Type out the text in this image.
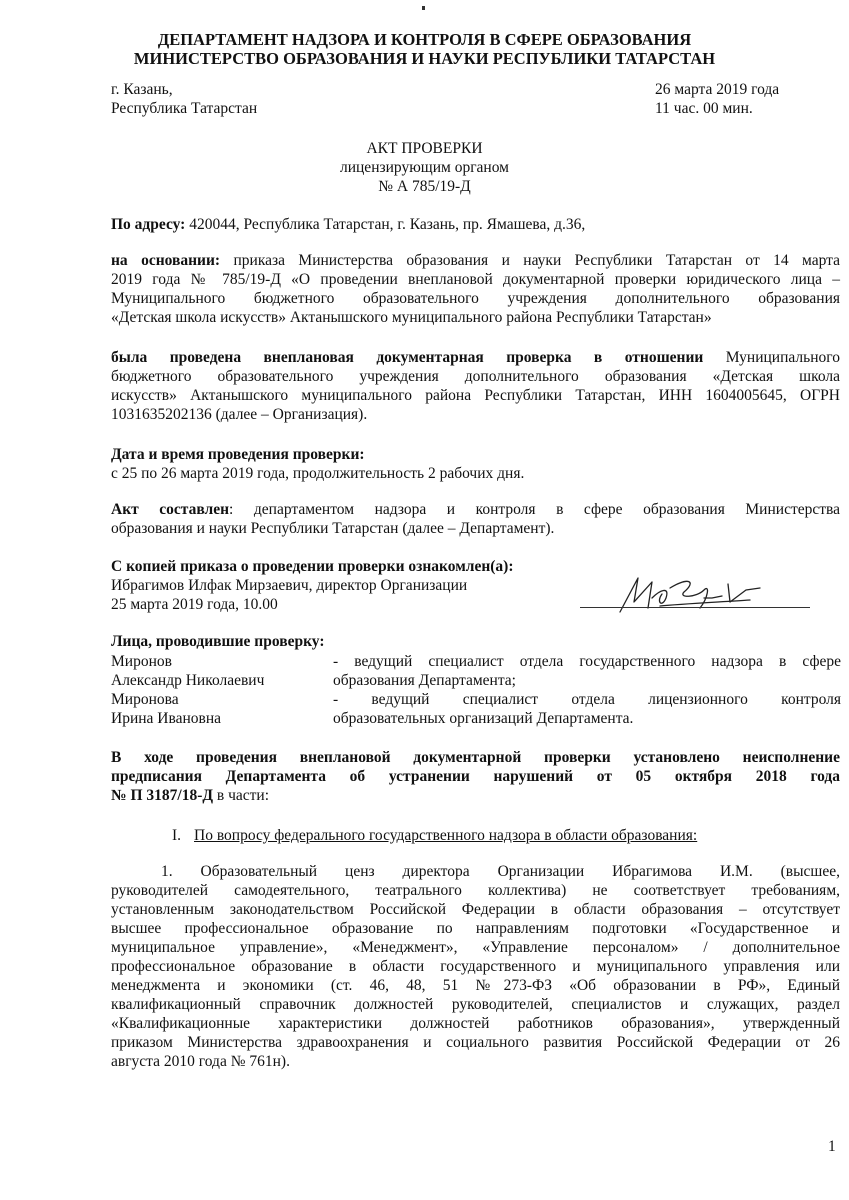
ДЕПАРТАМЕНТ НАДЗОРА И КОНТРОЛЯ В СФЕРЕ ОБРАЗОВАНИЯ
МИНИСТЕРСТВО ОБРАЗОВАНИЯ И НАУКИ РЕСПУБЛИКИ ТАТАРСТАН
г. Казань,
Республика Татарстан
26 марта 2019 года
11 час. 00 мин.
АКТ ПРОВЕРКИ
лицензирующим органом
№ А 785/19-Д
По адресу: 420044, Республика Татарстан, г. Казань, пр. Ямашева, д.36,
на основании: приказа Министерства образования и науки Республики Татарстан от 14 марта
2019 года № 785/19-Д «О проведении внеплановой документарной проверки юридического лица –
Муниципального бюджетного образовательного учреждения дополнительного образования
«Детская школа искусств» Актанышского муниципального района Республики Татарстан»
была проведена внеплановая документарная проверка в отношении Муниципального
бюджетного образовательного учреждения дополнительного образования «Детская школа
искусств» Актанышского муниципального района Республики Татарстан, ИНН 1604005645, ОГРН
1031635202136 (далее – Организация).
Дата и время проведения проверки:
с 25 по 26 марта 2019 года, продолжительность 2 рабочих дня.
Акт составлен: департаментом надзора и контроля в сфере образования Министерства
образования и науки Республики Татарстан (далее – Департамент).
С копией приказа о проведении проверки ознакомлен(а):
Ибрагимов Илфак Мирзаевич, директор Организации
25 марта 2019 года, 10.00
Лица, проводившие проверку:
Миронов
Александр Николаевич
- ведущий специалист отдела государственного надзора в сфере
образования Департамента;
Миронова
Ирина Ивановна
- ведущий специалист отдела лицензионного контроля
образовательных организаций Департамента.
В ходе проведения внеплановой документарной проверки установлено неисполнение
предписания Департамента об устранении нарушений от 05 октября 2018 года
№ П 3187/18-Д в части:
I. По вопросу федерального государственного надзора в области образования:
1. Образовательный ценз директора Организации Ибрагимова И.М. (высшее,
руководителей самодеятельного, театрального коллектива) не соответствует требованиям,
установленным законодательством Российской Федерации в области образования – отсутствует
высшее профессиональное образование по направлениям подготовки «Государственное и
муниципальное управление», «Менеджмент», «Управление персоналом» / дополнительное
профессиональное образование в области государственного и муниципального управления или
менеджмента и экономики (ст. 46, 48, 51 №273-ФЗ «Об образовании в РФ», Единый
квалификационный справочник должностей руководителей, специалистов и служащих, раздел
«Квалификационные характеристики должностей работников образования», утвержденный
приказом Министерства здравоохранения и социального развития Российской Федерации от 26
августа 2010 года № 761н).
1
